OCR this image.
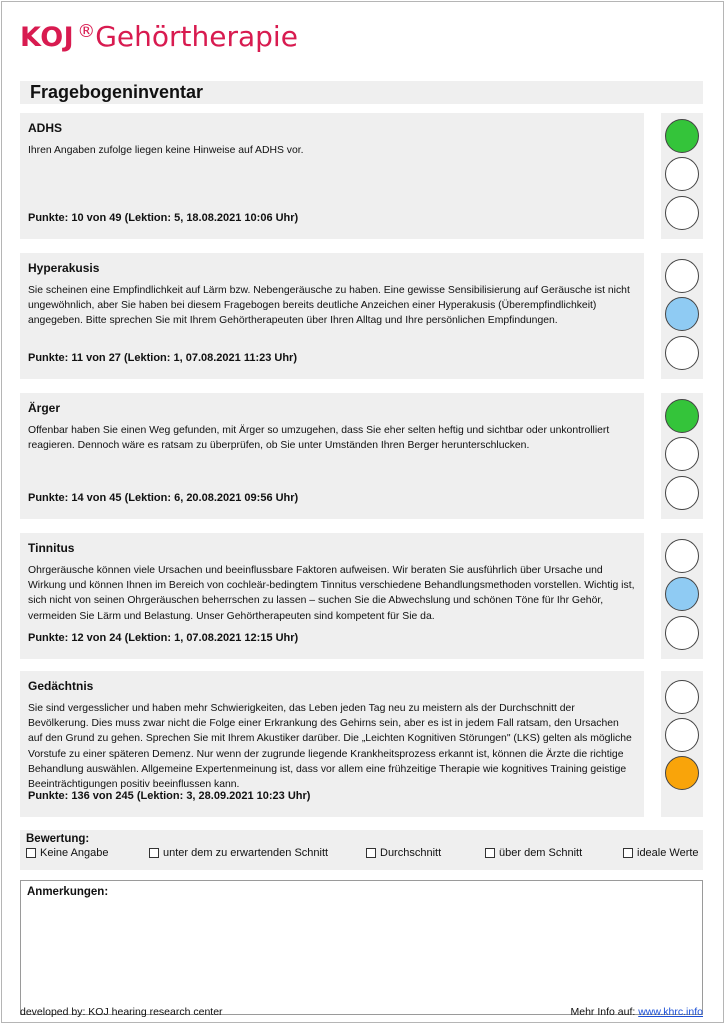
KOJ ® Gehörtherapie
Fragebogeninventar
ADHS
Ihren Angaben zufolge liegen keine Hinweise auf ADHS vor.
Punkte: 10 von 49 (Lektion: 5, 18.08.2021 10:06 Uhr)
Hyperakusis
Sie scheinen eine Empfindlichkeit auf Lärm bzw. Nebengeräusche zu haben. Eine gewisse Sensibilisierung auf Geräusche ist nicht ungewöhnlich, aber Sie haben bei diesem Fragebogen bereits deutliche Anzeichen einer Hyperakusis (Überempfindlichkeit) angegeben. Bitte sprechen Sie mit Ihrem Gehörtherapeuten über Ihren Alltag und Ihre persönlichen Empfindungen.
Punkte: 11 von 27 (Lektion: 1, 07.08.2021 11:23 Uhr)
Ärger
Offenbar haben Sie einen Weg gefunden, mit Ärger so umzugehen, dass Sie eher selten heftig und sichtbar oder unkontrolliert reagieren. Dennoch wäre es ratsam zu überprüfen, ob Sie unter Umständen Ihren Berger herunterschlucken.
Punkte: 14 von 45 (Lektion: 6, 20.08.2021 09:56 Uhr)
Tinnitus
Ohrgeräusche können viele Ursachen und beeinflussbare Faktoren aufweisen. Wir beraten Sie ausführlich über Ursache und Wirkung und können Ihnen im Bereich von cochleär-bedingtem Tinnitus verschiedene Behandlungsmethoden vorstellen. Wichtig ist, sich nicht von seinen Ohrgeräuschen beherrschen zu lassen – suchen Sie die Abwechslung und schönen Töne für Ihr Gehör, vermeiden Sie Lärm und Belastung. Unser Gehörtherapeuten sind kompetent für Sie da.
Punkte: 12 von 24 (Lektion: 1, 07.08.2021 12:15 Uhr)
Gedächtnis
Sie sind vergesslicher und haben mehr Schwierigkeiten, das Leben jeden Tag neu zu meistern als der Durchschnitt der Bevölkerung. Dies muss zwar nicht die Folge einer Erkrankung des Gehirns sein, aber es ist in jedem Fall ratsam, den Ursachen auf den Grund zu gehen. Sprechen Sie mit Ihrem Akustiker darüber. Die „Leichten Kognitiven Störungen" (LKS) gelten als mögliche Vorstufe zu einer späteren Demenz. Nur wenn der zugrunde liegende Krankheitsprozess erkannt ist, können die Ärzte die richtige Behandlung auswählen. Allgemeine Expertenmeinung ist, dass vor allem eine frühzeitige Therapie wie kognitives Training geistige Beeinträchtigungen positiv beeinflussen kann.
Punkte: 136 von 245 (Lektion: 3, 28.09.2021 10:23 Uhr)
Bewertung:
Keine Angabe	unter dem zu erwartenden Schnitt	Durchschnitt	über dem Schnitt	ideale Werte
Anmerkungen:
developed by: KOJ hearing research center	Mehr Info auf: www.khrc.info
